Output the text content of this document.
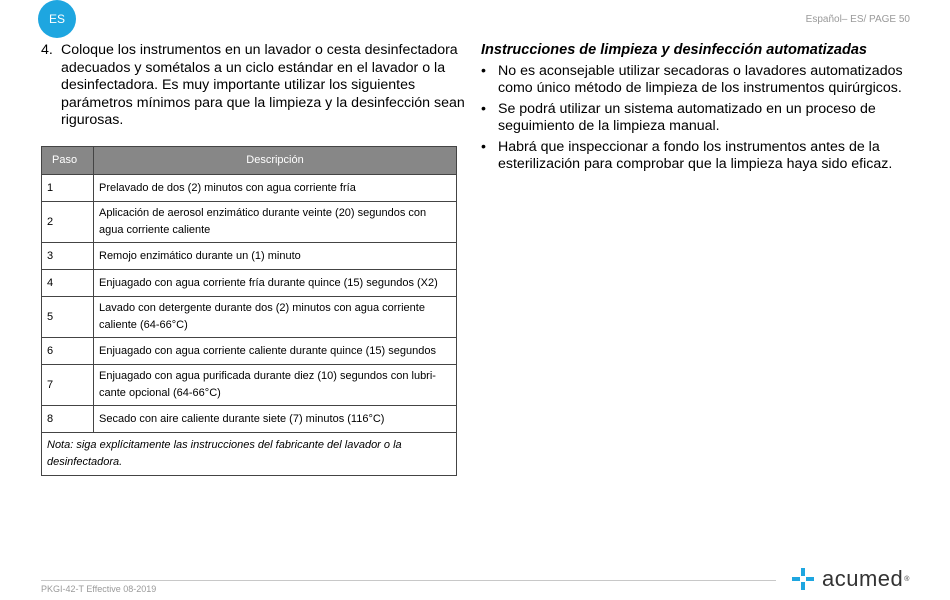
ES	Español– ES/ PAGE 50
4. Coloque los instrumentos en un lavador o cesta desinfectadora adecuados y sométalos a un ciclo estándar en el lavador o la desinfectadora. Es muy importante utilizar los siguientes parámetros mínimos para que la limpieza y la desinfección sean rigurosas.
Paso	Descripción
1	Prelavado de dos (2) minutos con agua corriente fría
2	Aplicación de aerosol enzimático durante veinte (20) segundos con agua corriente caliente
3	Remojo enzimático durante un (1) minuto
4	Enjuagado con agua corriente fría durante quince (15) segundos (X2)
5	Lavado con detergente durante dos (2) minutos con agua corriente caliente (64-66°C)
6	Enjuagado con agua corriente caliente durante quince (15) segundos
7	Enjuagado con agua purificada durante diez (10) segundos con lubri-cante opcional (64-66°C)
8	Secado con aire caliente durante siete (7) minutos (116°C)
Nota: siga explícitamente las instrucciones del fabricante del lavador o la desinfectadora.	
Instrucciones de limpieza y desinfección automatizadas
• No es aconsejable utilizar secadoras o lavadores automatizados como único método de limpieza de los instrumentos quirúrgicos.
• Se podrá utilizar un sistema automatizado en un proceso de seguimiento de la limpieza manual.
• Habrá que inspeccionar a fondo los instrumentos antes de la esterilización para comprobar que la limpieza haya sido eficaz.
PKGI-42-T Effective 08-2019	acumed ®
